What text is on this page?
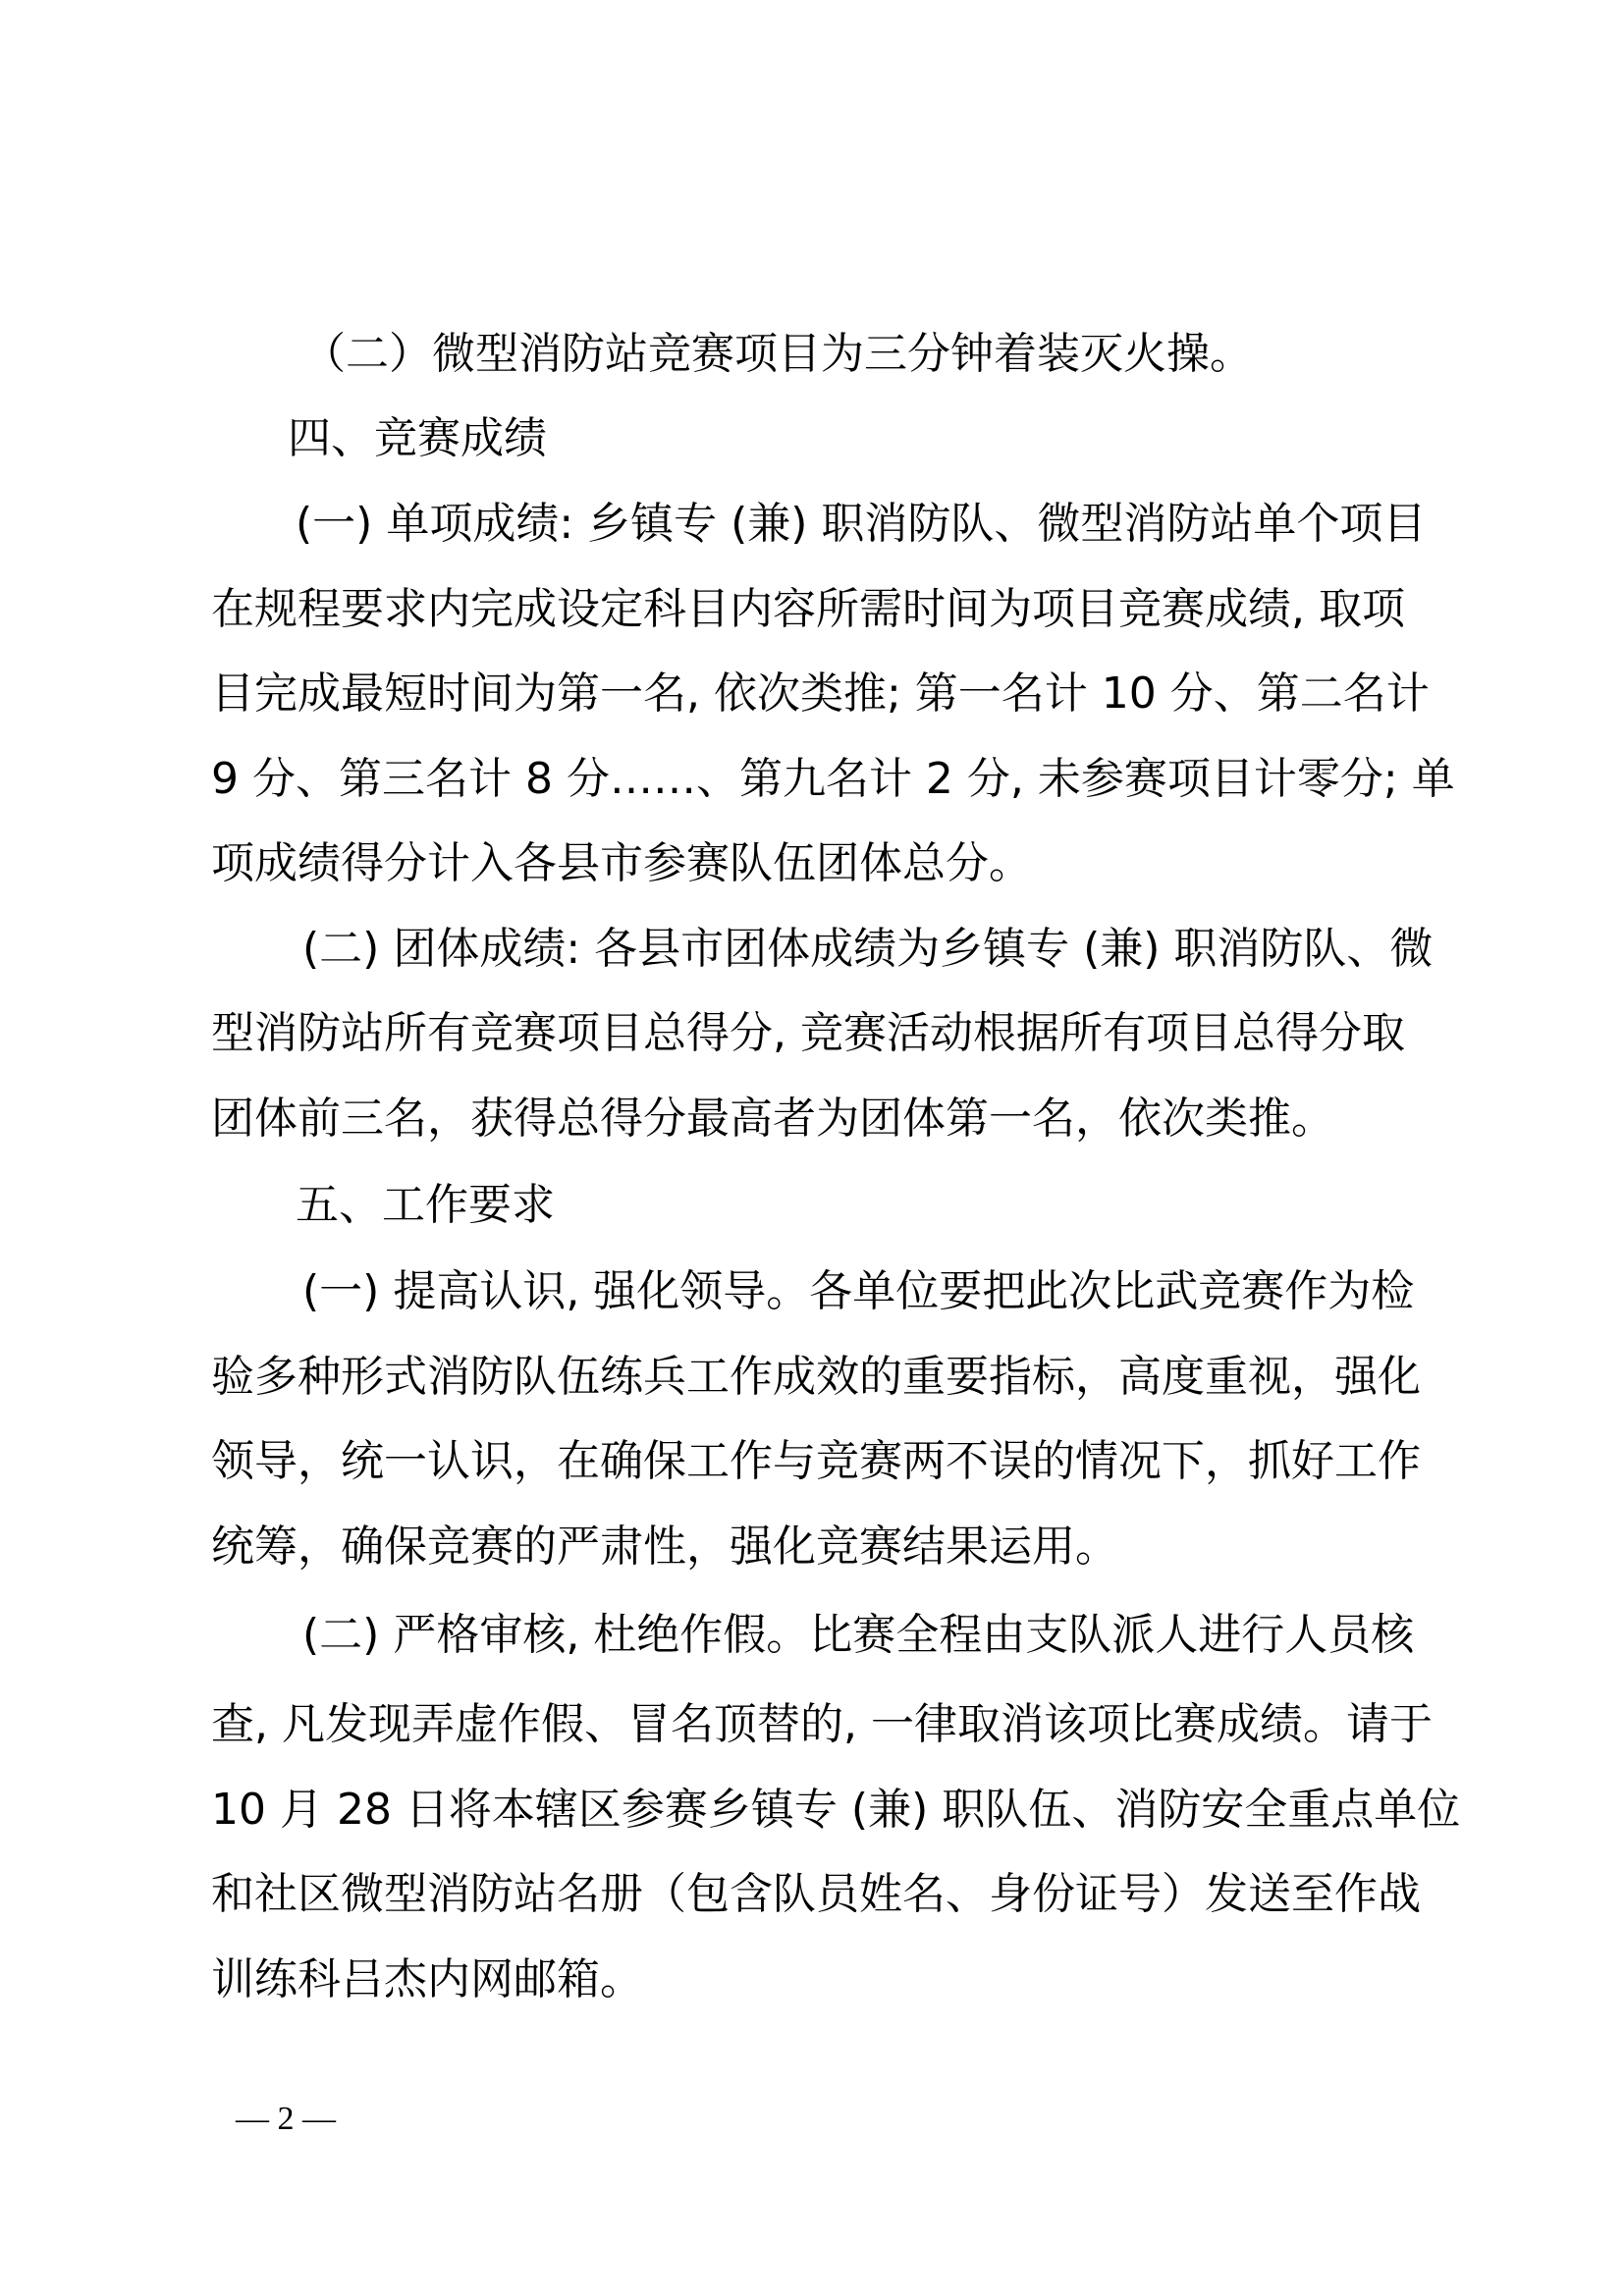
（二）微型消防站竞赛项目为三分钟着装灭火操。
四、竞赛成绩
(一) 单项成绩: 乡镇专 (兼) 职消防队、微型消防站单个项目
在规程要求内完成设定科目内容所需时间为项目竞赛成绩, 取项
目完成最短时间为第一名, 依次类推; 第一名计 10 分、第二名计
9 分、第三名计 8 分……、第九名计 2 分, 未参赛项目计零分; 单
项成绩得分计入各县市参赛队伍团体总分。
(二) 团体成绩: 各县市团体成绩为乡镇专 (兼) 职消防队、微
型消防站所有竞赛项目总得分, 竞赛活动根据所有项目总得分取
团体前三名，获得总得分最高者为团体第一名，依次类推。
五、工作要求
(一) 提高认识, 强化领导。各单位要把此次比武竞赛作为检
验多种形式消防队伍练兵工作成效的重要指标，高度重视，强化
领导，统一认识，在确保工作与竞赛两不误的情况下，抓好工作
统筹，确保竞赛的严肃性，强化竞赛结果运用。
(二) 严格审核, 杜绝作假。比赛全程由支队派人进行人员核
查, 凡发现弄虚作假、冒名顶替的, 一律取消该项比赛成绩。请于
10 月 28 日将本辖区参赛乡镇专 (兼) 职队伍、消防安全重点单位
和社区微型消防站名册（包含队员姓名、身份证号）发送至作战
训练科吕杰内网邮箱。
— 2 —
